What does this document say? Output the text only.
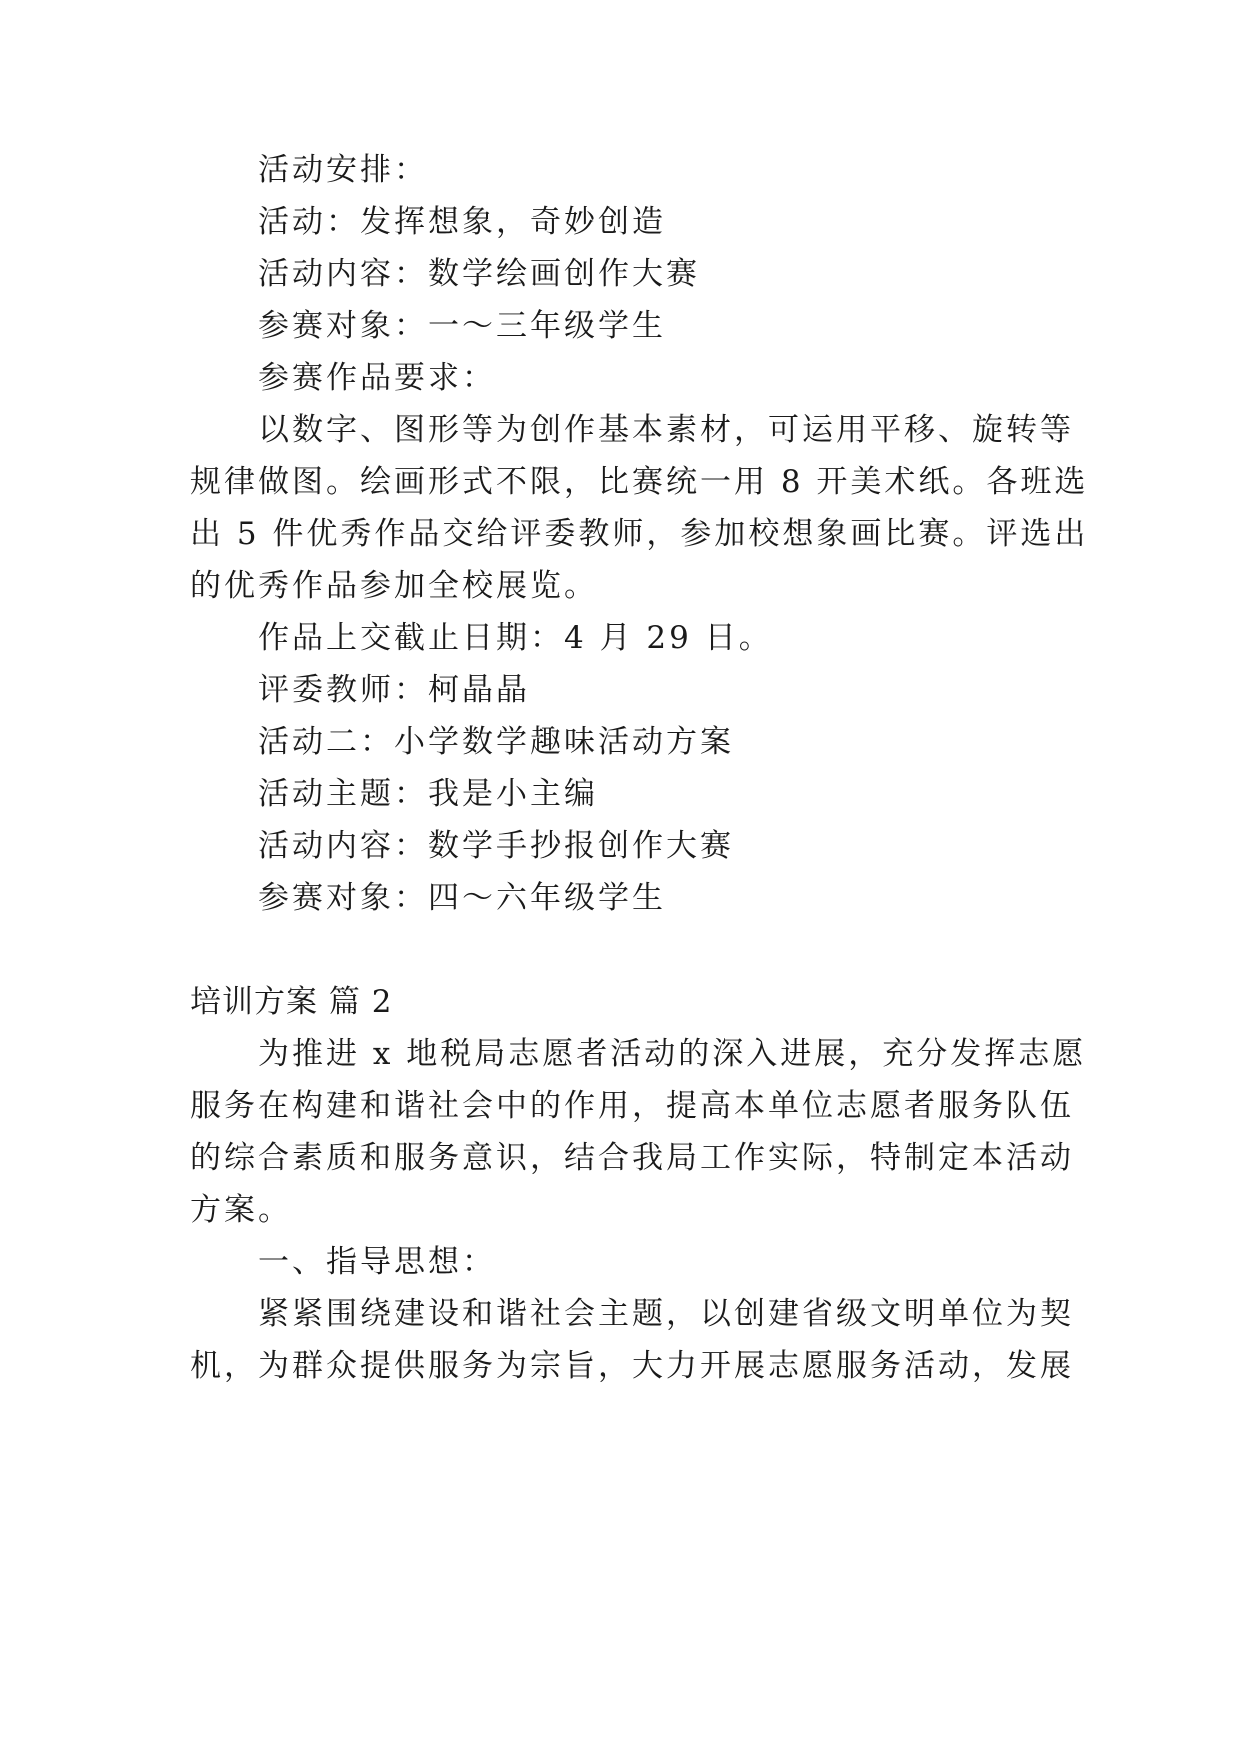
活动安排：

活动：发挥想象，奇妙创造

活动内容：数学绘画创作大赛

参赛对象：一～三年级学生

参赛作品要求：

以数字、图形等为创作基本素材，可运用平移、旋转等

规律做图。绘画形式不限，比赛统一用 8 开美术纸。各班选

出 5 件优秀作品交给评委教师，参加校想象画比赛。评选出

的优秀作品参加全校展览。

作品上交截止日期：4 月 29 日。

评委教师：柯晶晶

活动二：小学数学趣味活动方案

活动主题：我是小主编

活动内容：数学手抄报创作大赛

参赛对象：四～六年级学生

培训方案 篇 2

为推进 x 地税局志愿者活动的深入进展，充分发挥志愿

服务在构建和谐社会中的作用，提高本单位志愿者服务队伍

的综合素质和服务意识，结合我局工作实际，特制定本活动

方案。

一、指导思想：

紧紧围绕建设和谐社会主题，以创建省级文明单位为契

机，为群众提供服务为宗旨，大力开展志愿服务活动，发展
